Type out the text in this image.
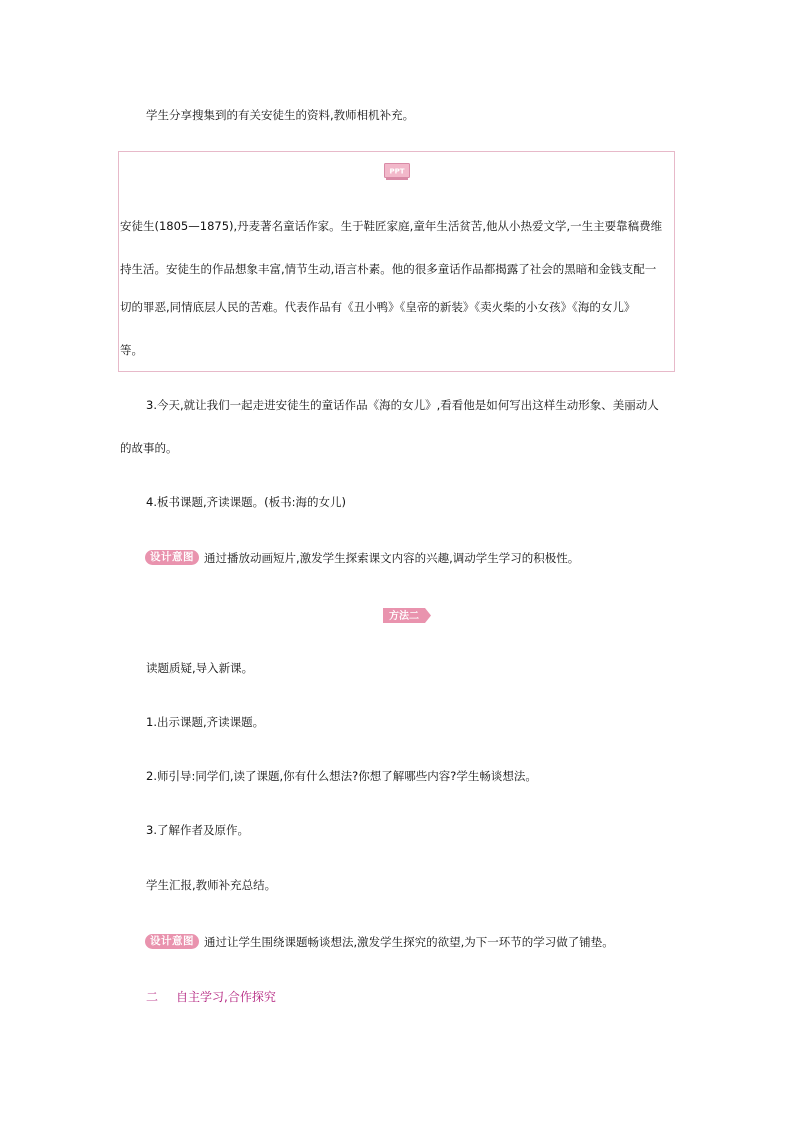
学生分享搜集到的有关安徒生的资料,教师相机补充。
PPT
安徒生(1805—1875),丹麦著名童话作家。生于鞋匠家庭,童年生活贫苦,他从小热爱文学,一生主要靠稿费维
持生活。安徒生的作品想象丰富,情节生动,语言朴素。他的很多童话作品都揭露了社会的黑暗和金钱支配一
切的罪恶,同情底层人民的苦难。代表作品有《丑小鸭》《皇帝的新装》《卖火柴的小女孩》《海的女儿》
等。
3.今天,就让我们一起走进安徒生的童话作品《海的女儿》,看看他是如何写出这样生动形象、美丽动人
的故事的。
4.板书课题,齐读课题。(板书:海的女儿)
设计意图 通过播放动画短片,激发学生探索课文内容的兴趣,调动学生学习的积极性。
方法二
读题质疑,导入新课。
1.出示课题,齐读课题。
2.师引导:同学们,读了课题,你有什么想法?你想了解哪些内容?学生畅谈想法。
3.了解作者及原作。
学生汇报,教师补充总结。
设计意图 通过让学生围绕课题畅谈想法,激发学生探究的欲望,为下一环节的学习做了铺垫。
二 自主学习,合作探究
